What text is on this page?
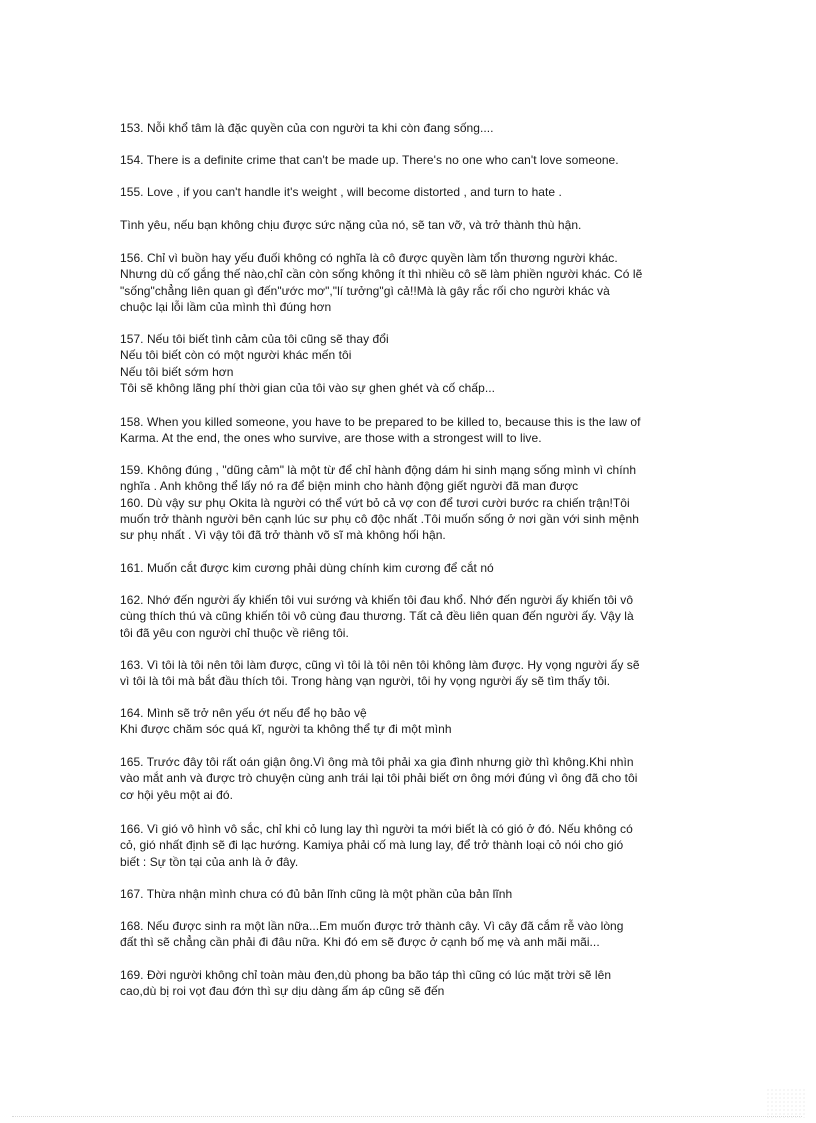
153. Nỗi khổ tâm là đặc quyền của con người ta khi còn đang sống....
154. There is a definite crime that can't be made up. There's no one who can't love someone.
155. Love , if you can't handle it's weight , will become distorted , and turn to hate .
Tình yêu, nếu bạn không chịu được sức nặng của nó, sẽ tan vỡ, và trở thành thù hận.
156. Chỉ vì buồn hay yếu đuối không có nghĩa là cô được quyền làm tổn thương người khác.
Nhưng dù cố gắng thế nào,chỉ cần còn sống không ít thì nhiều cô sẽ làm phiền người khác. Có lẽ
"sống"chẳng liên quan gì đến"ước mơ","lí tưởng"gì cả!!Mà là gây rắc rối cho người khác và
chuộc lại lỗi lầm của mình thì đúng hơn
157. Nếu tôi biết tình cảm của tôi cũng sẽ thay đổi
Nếu tôi biết còn có một người khác mến tôi
Nếu tôi biết sớm hơn
Tôi sẽ không lãng phí thời gian của tôi vào sự ghen ghét và cố chấp...
158. When you killed someone, you have to be prepared to be killed to, because this is the law of
Karma. At the end, the ones who survive, are those with a strongest will to live.
159. Không đúng , "dũng cảm" là một từ để chỉ hành động dám hi sinh mạng sống mình vì chính
nghĩa . Anh không thể lấy nó ra để biện minh cho hành động giết người đã man được
160. Dù vậy sư phụ Okita là người có thể vứt bỏ cả vợ con để tươi cười bước ra chiến trận!Tôi
muốn trở thành người bên cạnh lúc sư phụ cô độc nhất .Tôi muốn sống ở nơi gần với sinh mệnh
sư phụ nhất . Vì vậy tôi đã trở thành võ sĩ mà không hối hận.
161. Muốn cắt được kim cương phải dùng chính kim cương để cắt nó
162. Nhớ đến người ấy khiến tôi vui sướng và khiến tôi đau khổ. Nhớ đến người ấy khiến tôi vô
cùng thích thú và cũng khiến tôi vô cùng đau thương. Tất cả đều liên quan đến người ấy. Vậy là
tôi đã yêu con người chỉ thuộc về riêng tôi.
163. Vì tôi là tôi nên tôi làm được, cũng vì tôi là tôi nên tôi không làm được. Hy vọng người ấy sẽ
vì tôi là tôi mà bắt đầu thích tôi. Trong hàng vạn người, tôi hy vọng người ấy sẽ tìm thấy tôi.
164. Mình sẽ trở nên yếu ớt nếu để họ bảo vệ
Khi được chăm sóc quá kĩ, người ta không thể tự đi một mình
165. Trước đây tôi rất oán giận ông.Vì ông mà tôi phải xa gia đình nhưng giờ thì không.Khi nhìn
vào mắt anh và được trò chuyện cùng anh trái lại tôi phải biết ơn ông mới đúng vì ông đã cho tôi
cơ hội yêu một ai đó.
166. Vì gió vô hình vô sắc, chỉ khi cỏ lung lay thì người ta mới biết là có gió ở đó. Nếu không có
cỏ, gió nhất định sẽ đi lạc hướng. Kamiya phải cố mà lung lay, để trở thành loại cỏ nói cho gió
biết : Sự tồn tại của anh là ở đây.
167. Thừa nhận mình chưa có đủ bản lĩnh cũng là một phần của bản lĩnh
168. Nếu được sinh ra một lần nữa...Em muốn được trở thành cây. Vì cây đã cắm rễ vào lòng
đất thì sẽ chẳng cần phải đi đâu nữa. Khi đó em sẽ được ở cạnh bố mẹ và anh mãi mãi...
169. Đời người không chỉ toàn màu đen,dù phong ba bão táp thì cũng có lúc mặt trời sẽ lên
cao,dù bị roi vọt đau đớn thì sự dịu dàng ấm áp cũng sẽ đến
